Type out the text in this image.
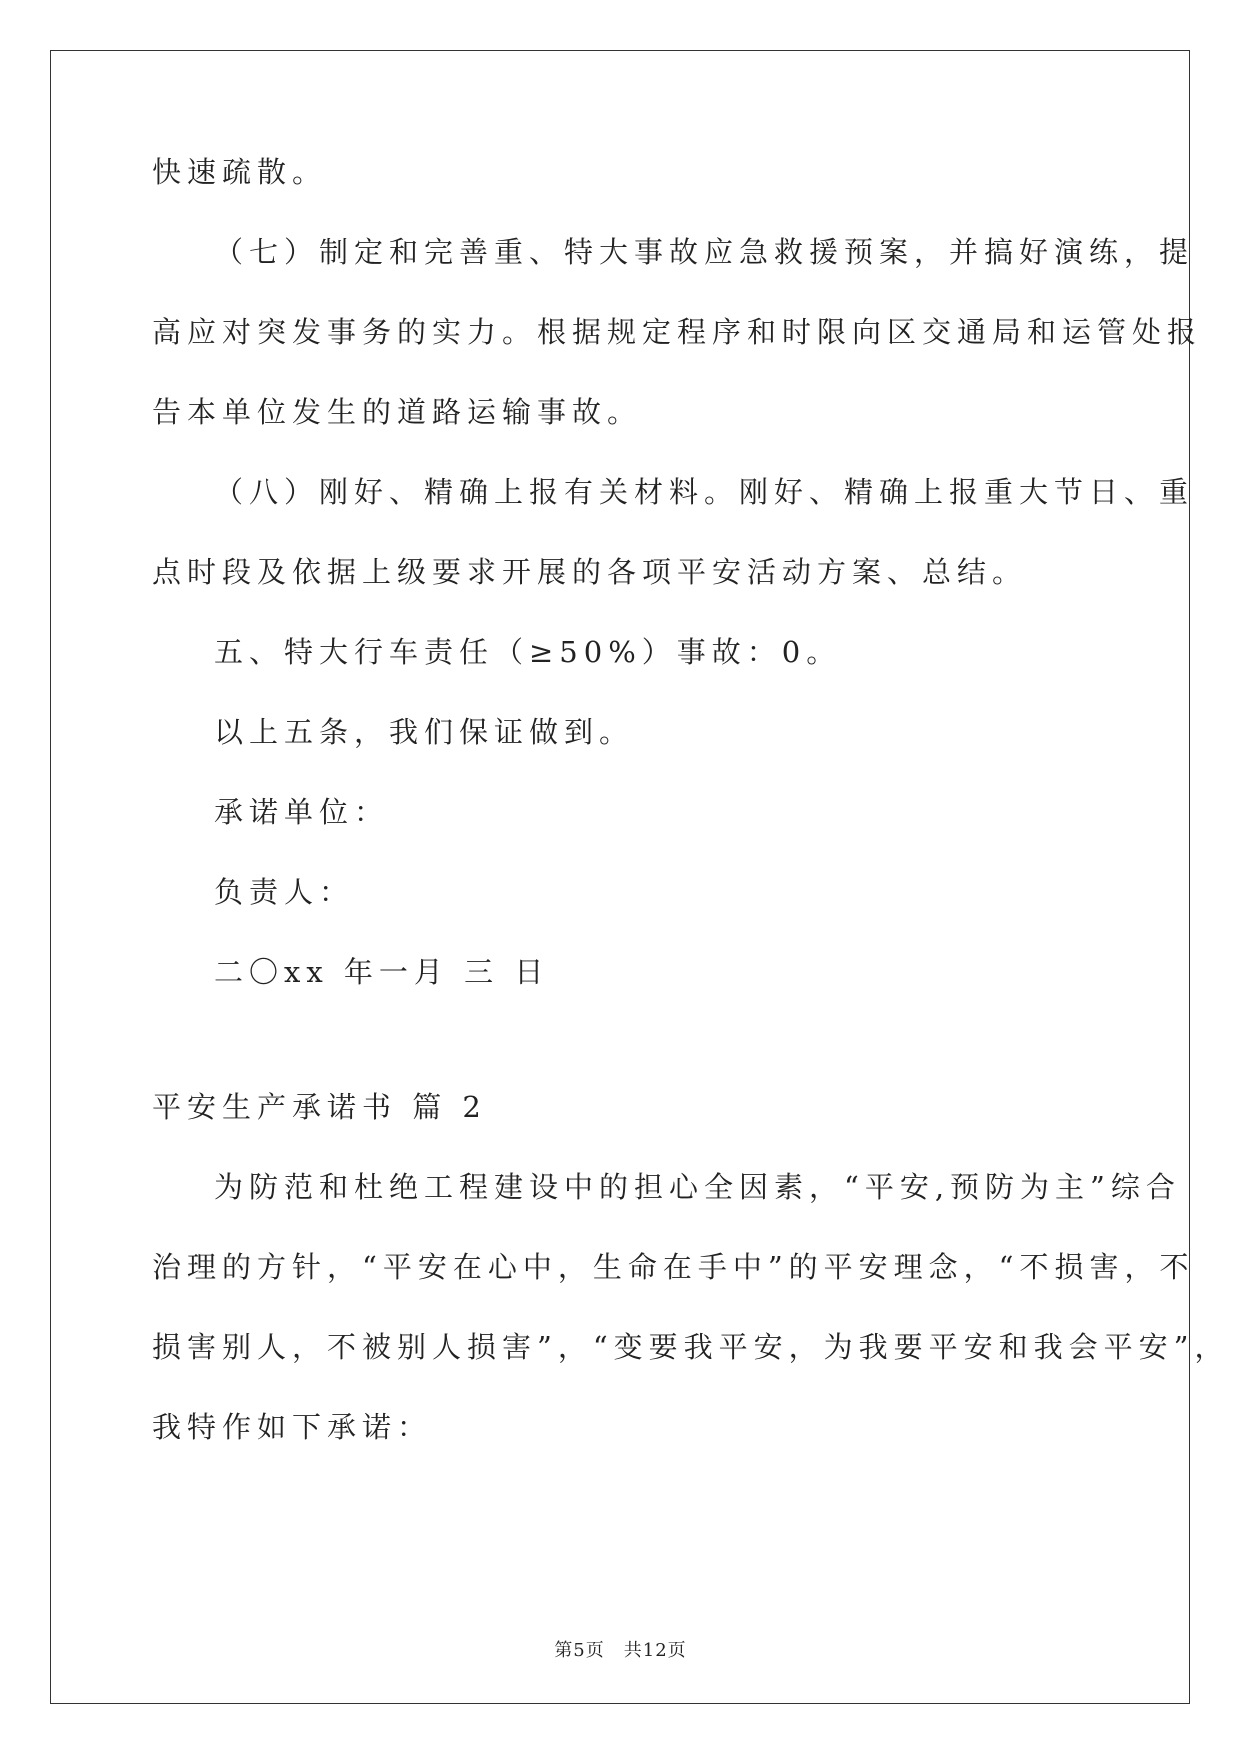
快速疏散。
（七）制定和完善重、特大事故应急救援预案，并搞好演练，提
高应对突发事务的实力。根据规定程序和时限向区交通局和运管处报
告本单位发生的道路运输事故。
（八）刚好、精确上报有关材料。刚好、精确上报重大节日、重
点时段及依据上级要求开展的各项平安活动方案、总结。
五、特大行车责任（≥50%）事故：0。
以上五条，我们保证做到。
承诺单位：
负责人：
二〇xx 年一月 三 日
平安生产承诺书 篇 2
为防范和杜绝工程建设中的担心全因素，“平安,预防为主”综合
治理的方针，“平安在心中，生命在手中”的平安理念，“不损害，不
损害别人，不被别人损害”，“变要我平安，为我要平安和我会平安”，
我特作如下承诺：
第5页　共12页
